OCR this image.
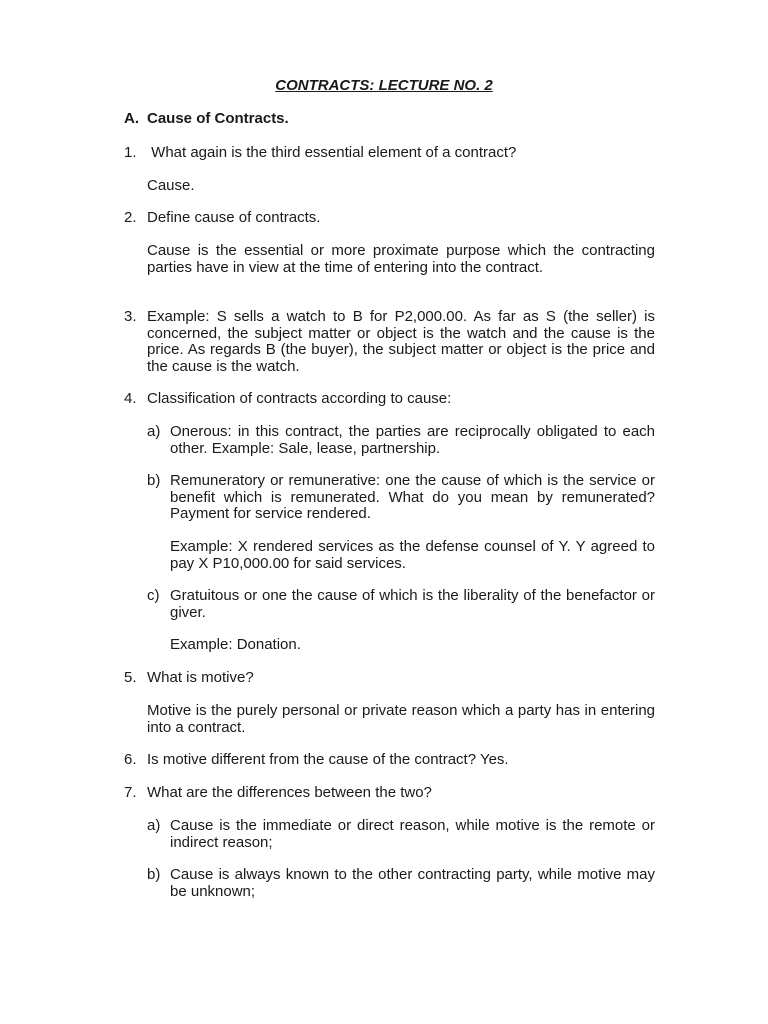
CONTRACTS: LECTURE NO. 2
A. Cause of Contracts.
1. What again is the third essential element of a contract?
Cause.
2. Define cause of contracts.
Cause is the essential or more proximate purpose which the contracting parties have in view at the time of entering into the contract.
3. Example: S sells a watch to B for P2,000.00. As far as S (the seller) is concerned, the subject matter or object is the watch and the cause is the price. As regards B (the buyer), the subject matter or object is the price and the cause is the watch.
4. Classification of contracts according to cause:
a) Onerous: in this contract, the parties are reciprocally obligated to each other. Example: Sale, lease, partnership.
b) Remuneratory or remunerative: one the cause of which is the service or benefit which is remunerated. What do you mean by remunerated? Payment for service rendered.
Example: X rendered services as the defense counsel of Y. Y agreed to pay X P10,000.00 for said services.
c) Gratuitous or one the cause of which is the liberality of the benefactor or giver.
Example: Donation.
5. What is motive?
Motive is the purely personal or private reason which a party has in entering into a contract.
6. Is motive different from the cause of the contract? Yes.
7. What are the differences between the two?
a) Cause is the immediate or direct reason, while motive is the remote or indirect reason;
b) Cause is always known to the other contracting party, while motive may be unknown;
